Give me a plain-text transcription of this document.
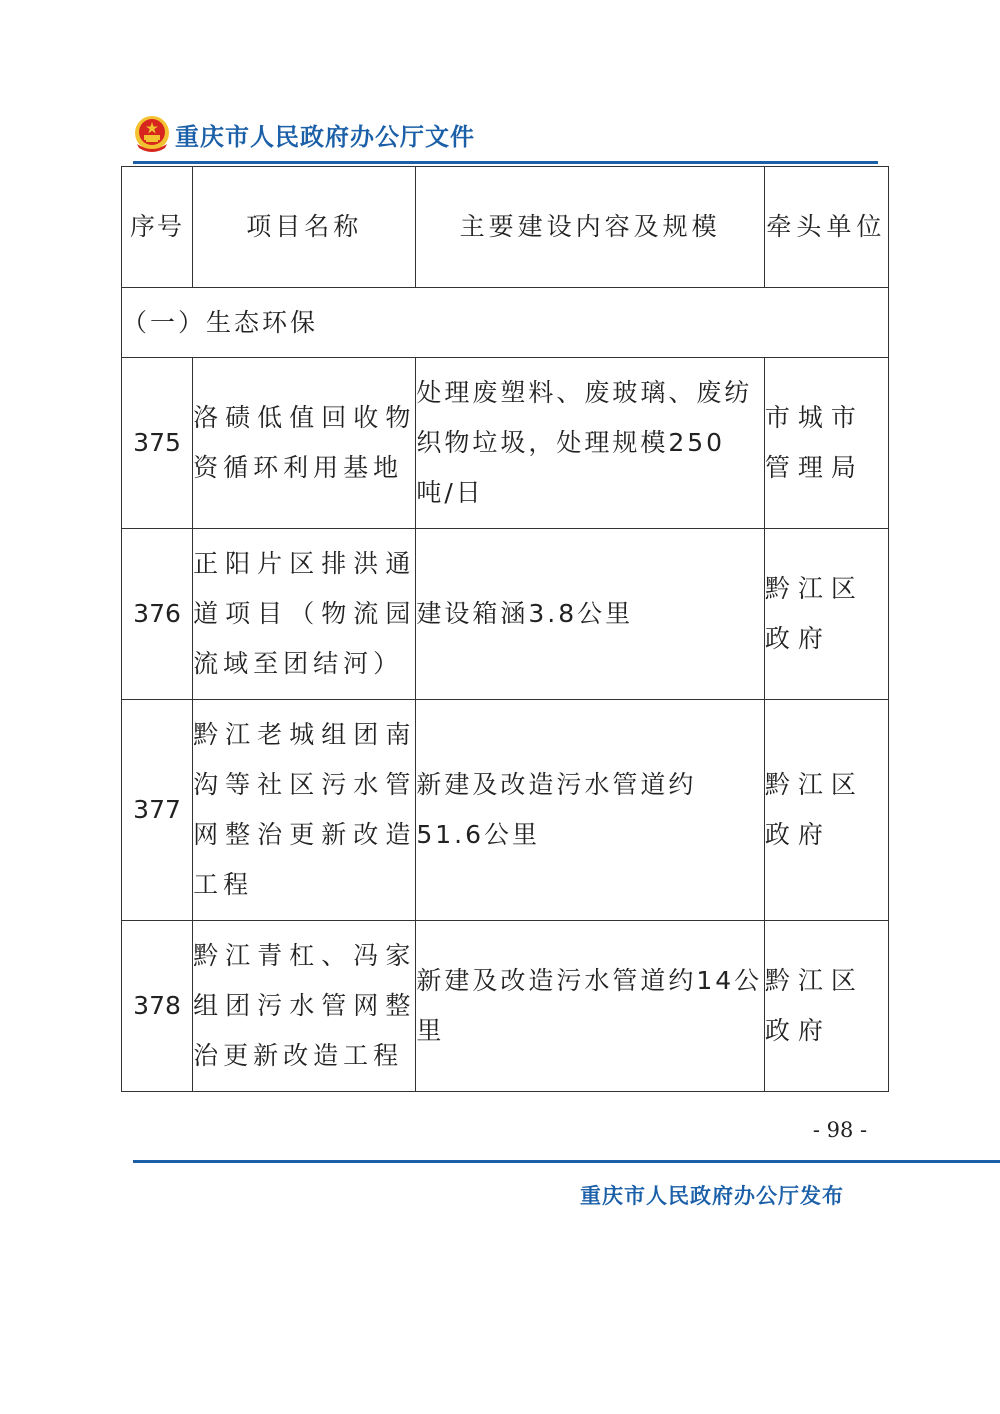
重庆市人民政府办公厅文件
序号	项目名称	主要建设内容及规模	牵头单位
（一）生态环保			
375	洛碛低值回收物资循环利用基地	处理废塑料、废玻璃、废纺织物垃圾，处理规模250吨/日	市城市管理局
376	正阳片区排洪通道项目（物流园流域至团结河）	建设箱涵3.8公里	黔江区政府
377	黔江老城组团南沟等社区污水管网整治更新改造工程	新建及改造污水管道约51.6公里	黔江区政府
378	黔江青杠、冯家组团污水管网整治更新改造工程	新建及改造污水管道约14公里	黔江区政府
- 98 -
重庆市人民政府办公厅发布
